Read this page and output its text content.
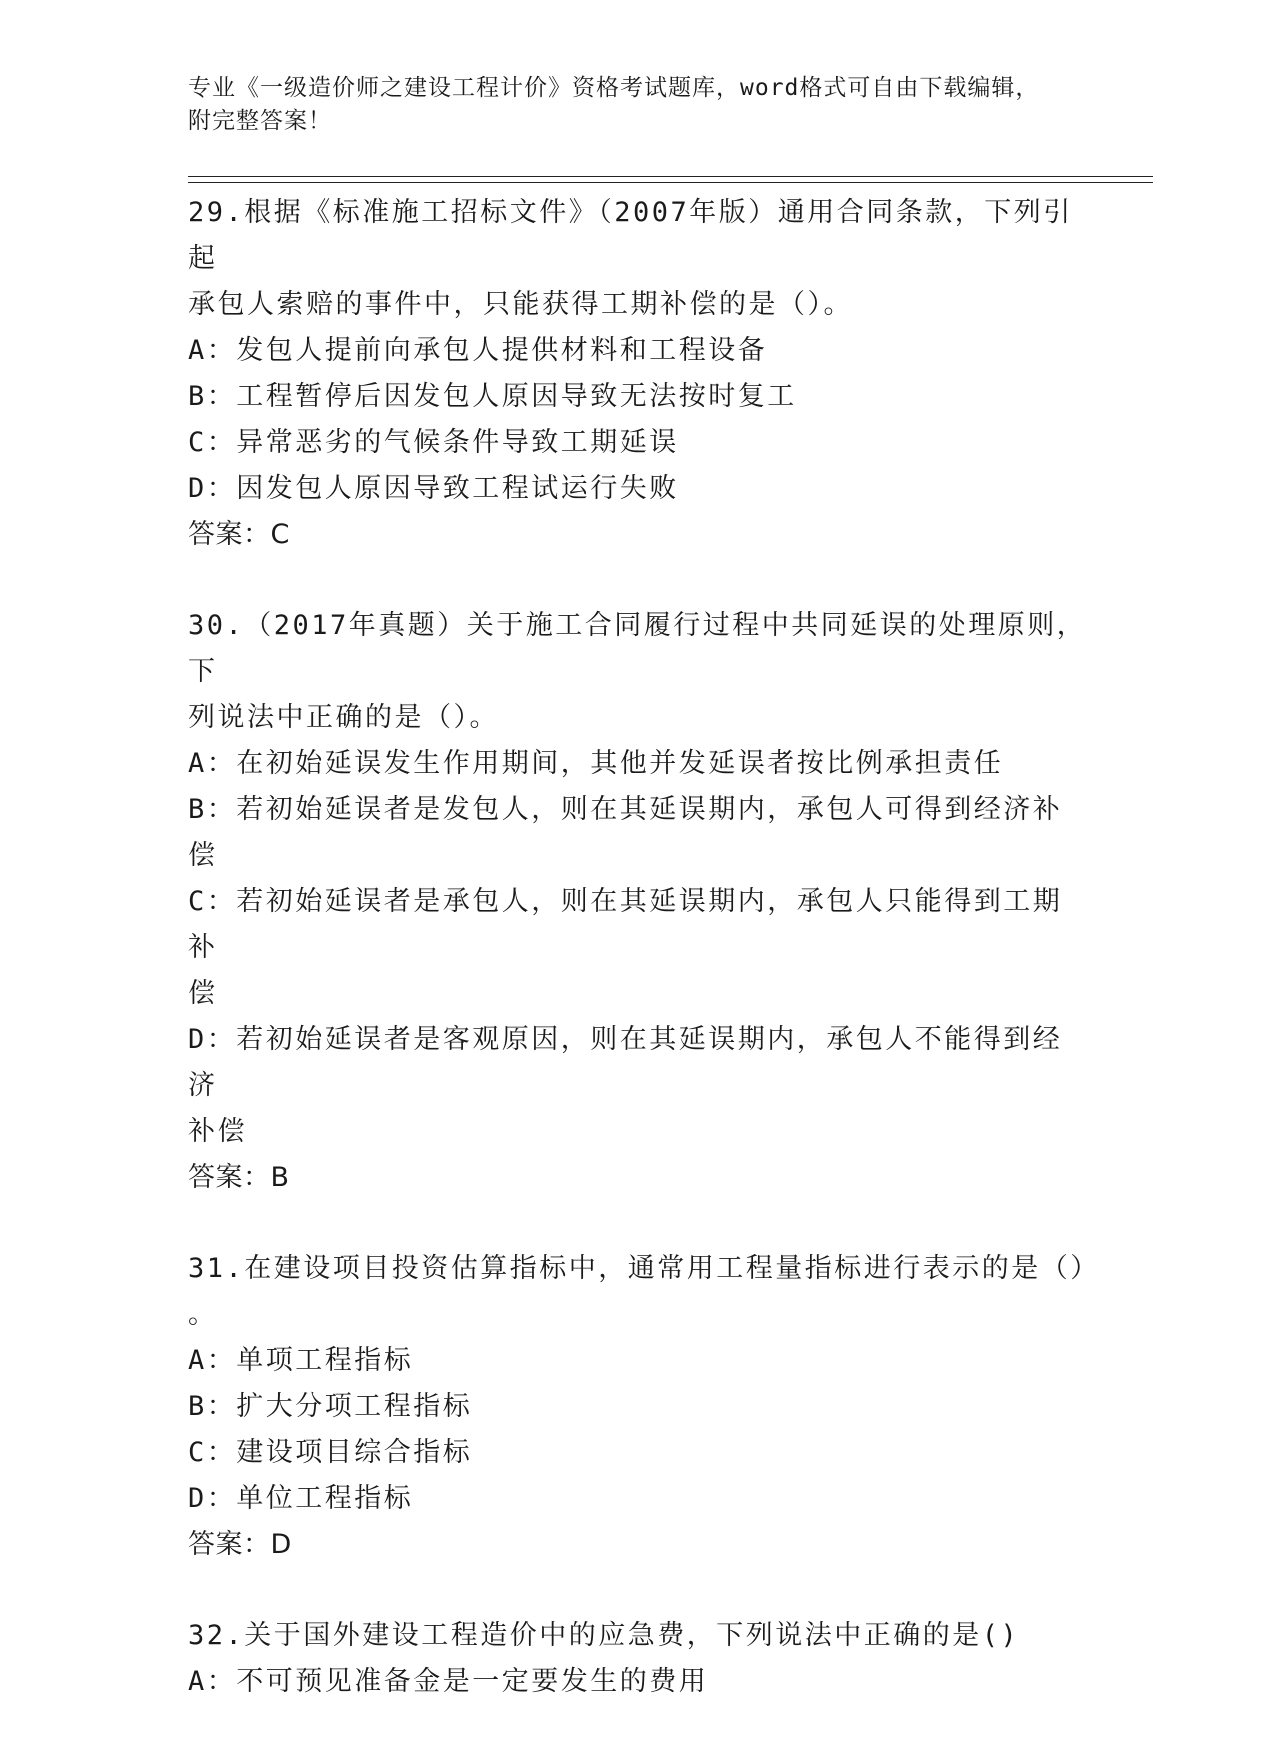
专业《一级造价师之建设工程计价》资格考试题库，word格式可自由下载编辑，
附完整答案！

29.根据《标准施工招标文件》（2007年版）通用合同条款，下列引起

承包人索赔的事件中，只能获得工期补偿的是（）。

A：发包人提前向承包人提供材料和工程设备

B：工程暂停后因发包人原因导致无法按时复工

C：异常恶劣的气候条件导致工期延误

D：因发包人原因导致工程试运行失败

答案：C

30.（2017年真题）关于施工合同履行过程中共同延误的处理原则，下

列说法中正确的是（）。

A：在初始延误发生作用期间，其他并发延误者按比例承担责任

B：若初始延误者是发包人，则在其延误期内，承包人可得到经济补偿

C：若初始延误者是承包人，则在其延误期内，承包人只能得到工期补

偿

D：若初始延误者是客观原因，则在其延误期内，承包人不能得到经济

补偿

答案：B

31.在建设项目投资估算指标中，通常用工程量指标进行表示的是（）

。

A：单项工程指标

B：扩大分项工程指标

C：建设项目综合指标

D：单位工程指标

答案：D

32.关于国外建设工程造价中的应急费，下列说法中正确的是()

A：不可预见准备金是一定要发生的费用
